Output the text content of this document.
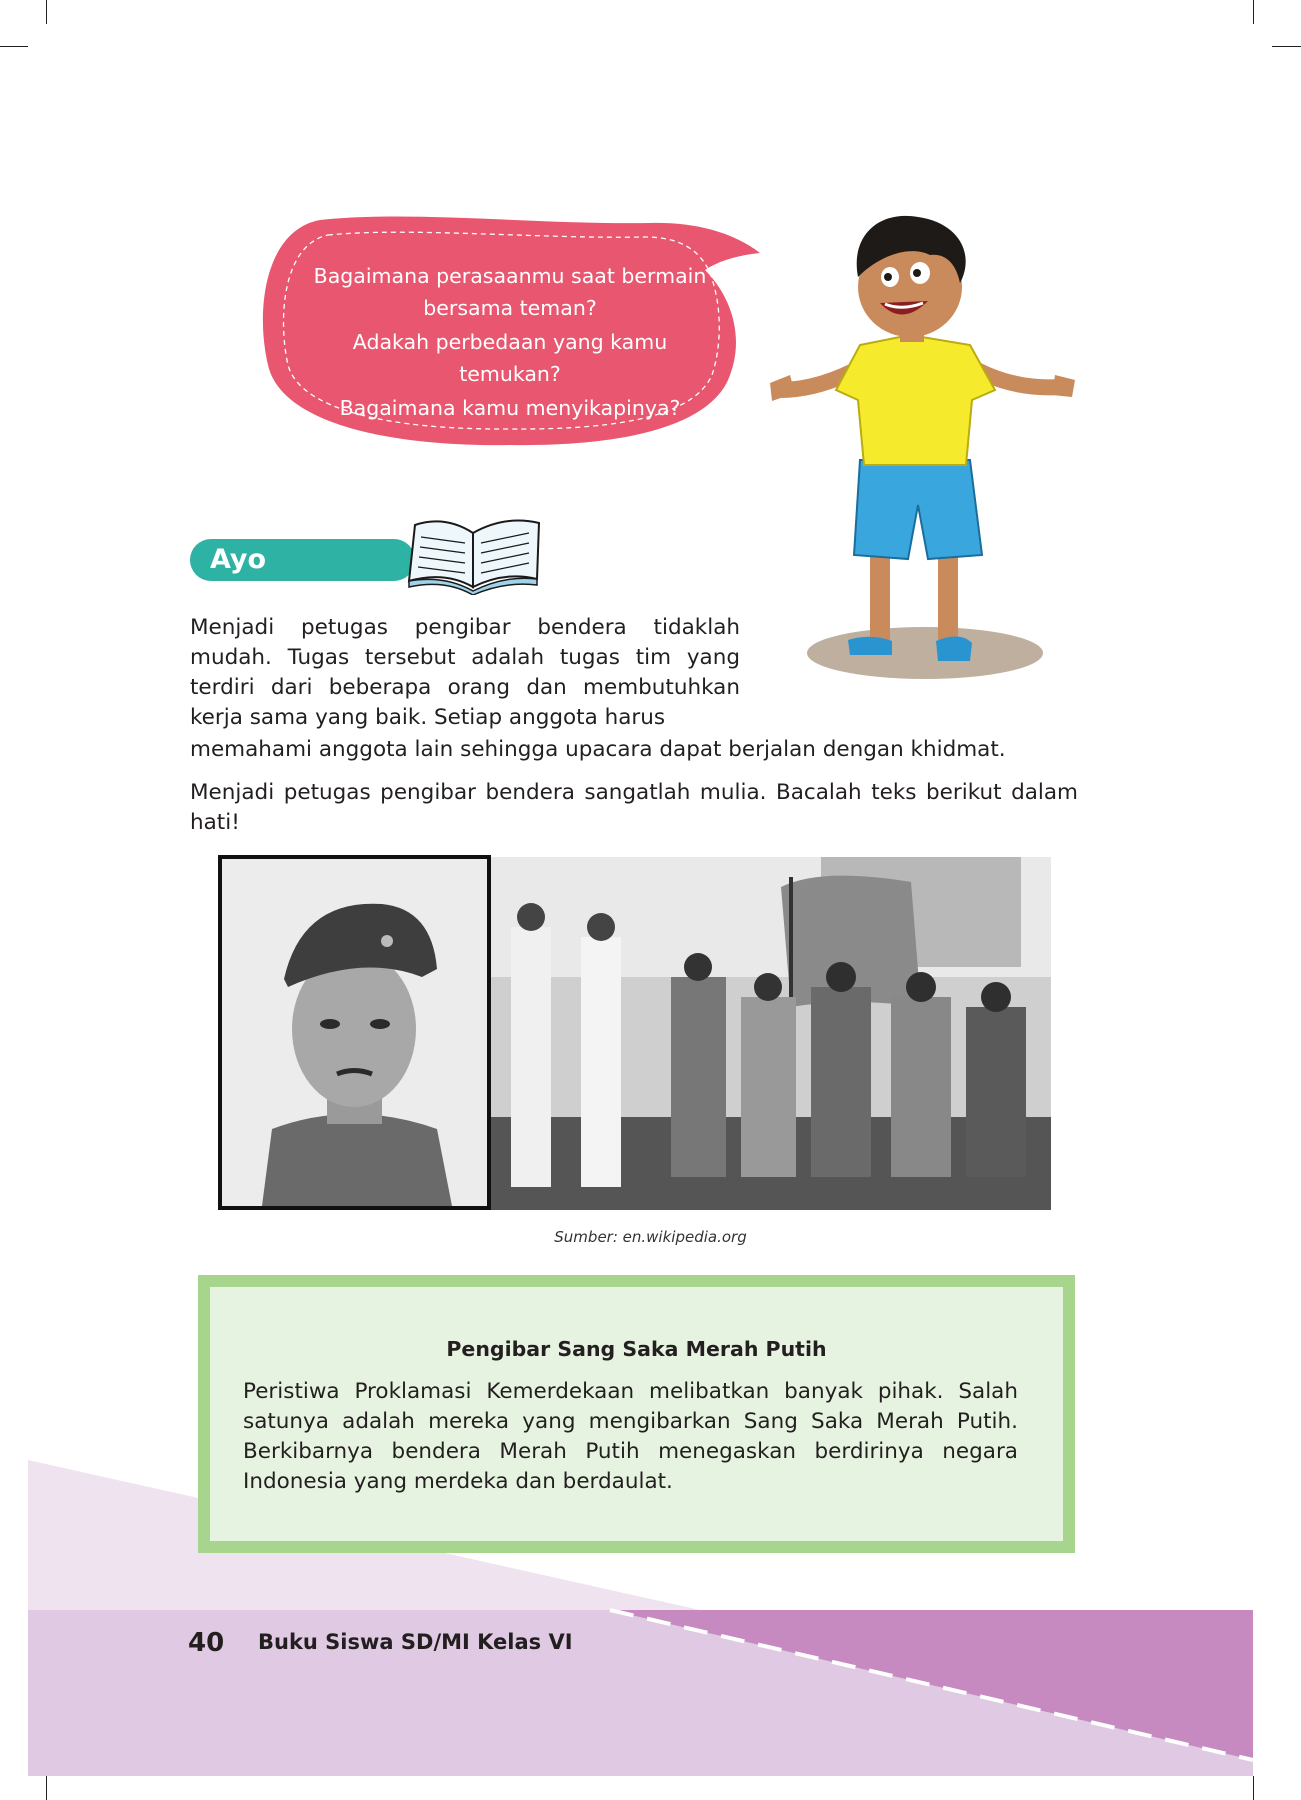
Bagaimana perasaanmu saat bermain bersama teman?

Adakah perbedaan yang kamu temukan?

Bagaimana kamu menyikapinya?

Ayo Membaca

Menjadi petugas pengibar bendera tidaklah mudah. Tugas tersebut adalah tugas tim yang terdiri dari beberapa orang dan membutuhkan kerja sama yang baik. Setiap anggota harus

memahami anggota lain sehingga upacara dapat berjalan dengan khidmat.

Menjadi petugas pengibar bendera sangatlah mulia. Bacalah teks berikut dalam hati!

Sumber: en.wikipedia.org
Pengibar Sang Saka Merah Putih

Peristiwa Proklamasi Kemerdekaan melibatkan banyak pihak. Salah satunya adalah mereka yang mengibarkan Sang Saka Merah Putih. Berkibarnya bendera Merah Putih menegaskan berdirinya negara Indonesia yang merdeka dan berdaulat.

40 Buku Siswa SD/MI Kelas VI
